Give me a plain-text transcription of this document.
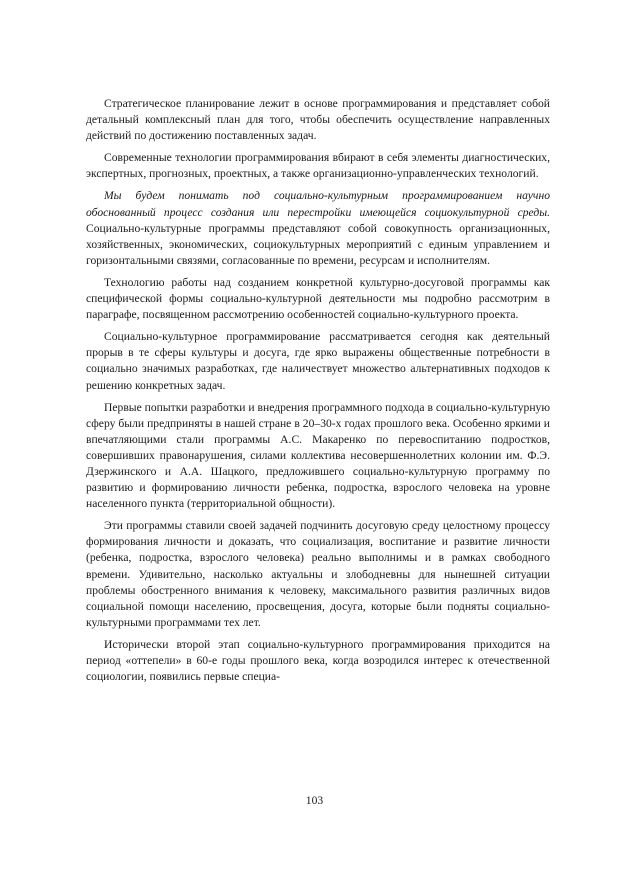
Стратегическое планирование лежит в основе программирования и представляет собой детальный комплексный план для того, чтобы обеспечить осуществление направленных действий по достижению поставленных задач.

Современные технологии программирования вбирают в себя элементы диагностических, экспертных, прогнозных, проектных, а также организационно-управленческих технологий.

Мы будем понимать под социально-культурным программированием научно обоснованный процесс создания или перестройки имеющейся социокультурной среды. Социально-культурные программы представляют собой совокупность организационных, хозяйственных, экономических, социокультурных мероприятий с единым управлением и горизонтальными связями, согласованные по времени, ресурсам и исполнителям.

Технологию работы над созданием конкретной культурно-досуговой программы как специфической формы социально-культурной деятельности мы подробно рассмотрим в параграфе, посвященном рассмотрению особенностей социально-культурного проекта.

Социально-культурное программирование рассматривается сегодня как деятельный прорыв в те сферы культуры и досуга, где ярко выражены общественные потребности в социально значимых разработках, где наличествует множество альтернативных подходов к решению конкретных задач.

Первые попытки разработки и внедрения программного подхода в социально-культурную сферу были предприняты в нашей стране в 20–30-х годах прошлого века. Особенно яркими и впечатляющими стали программы А.С. Макаренко по перевоспитанию подростков, совершивших правонарушения, силами коллектива несовершеннолетних колонии им. Ф.Э. Дзержинского и А.А. Шацкого, предложившего социально-культурную программу по развитию и формированию личности ребенка, подростка, взрослого человека на уровне населенного пункта (территориальной общности).

Эти программы ставили своей задачей подчинить досуговую среду целостному процессу формирования личности и доказать, что социализация, воспитание и развитие личности (ребенка, подростка, взрослого человека) реально выполнимы и в рамках свободного времени. Удивительно, насколько актуальны и злободневны для нынешней ситуации проблемы обостренного внимания к человеку, максимального развития различных видов социальной помощи населению, просвещения, досуга, которые были подняты социально-культурными программами тех лет.

Исторически второй этап социально-культурного программирования приходится на период «оттепели» в 60-е годы прошлого века, когда возродился интерес к отечественной социологии, появились первые специа-

103
